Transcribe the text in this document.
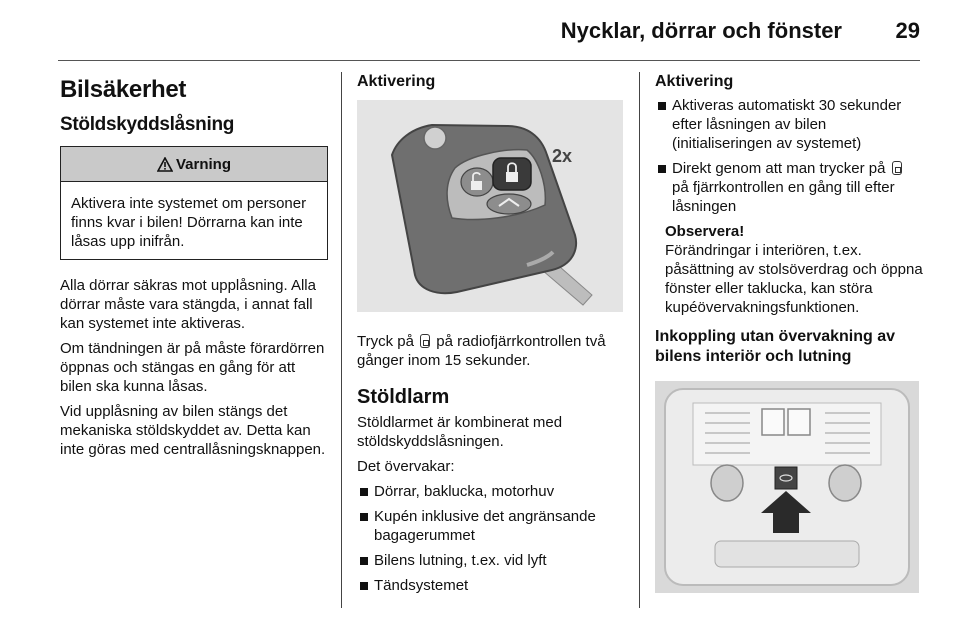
Nycklar, dörrar och fönster 29
Bilsäkerhet
Stöldskyddslåsning
Varning

Aktivera inte systemet om personer finns kvar i bilen! Dörrarna kan inte låsas upp inifrån.

Alla dörrar säkras mot upplåsning. Alla dörrar måste vara stängda, i annat fall kan systemet inte aktiveras.

Om tändningen är på måste förardörren öppnas och stängas en gång för att bilen ska kunna låsas.

Vid upplåsning av bilen stängs det mekaniska stöldskyddet av. Detta kan inte göras med centrallåsningsknappen.

Aktivering
2x

Tryck på på radiofjärrkontrollen två gånger inom 15 sekunder.

Stöldlarm

Stöldlarmet är kombinerat med stöldskyddslåsningen.

Det övervakar:

Dörrar, baklucka, motorhuv
Kupén inklusive det angränsande bagagerummet
Bilens lutning, t.ex. vid lyft
Tändsystemet
Aktivering
Aktiveras automatiskt 30 sekunder efter låsningen av bilen (initialiseringen av systemet)
Direkt genom att man trycker på  på fjärrkontrollen en gång till efter låsningen
Observera!

Förändringar i interiören, t.ex. påsättning av stolsöverdrag och öppna fönster eller taklucka, kan störa kupéövervakningsfunktionen.

Inkoppling utan övervakning av bilens interiör och lutning
